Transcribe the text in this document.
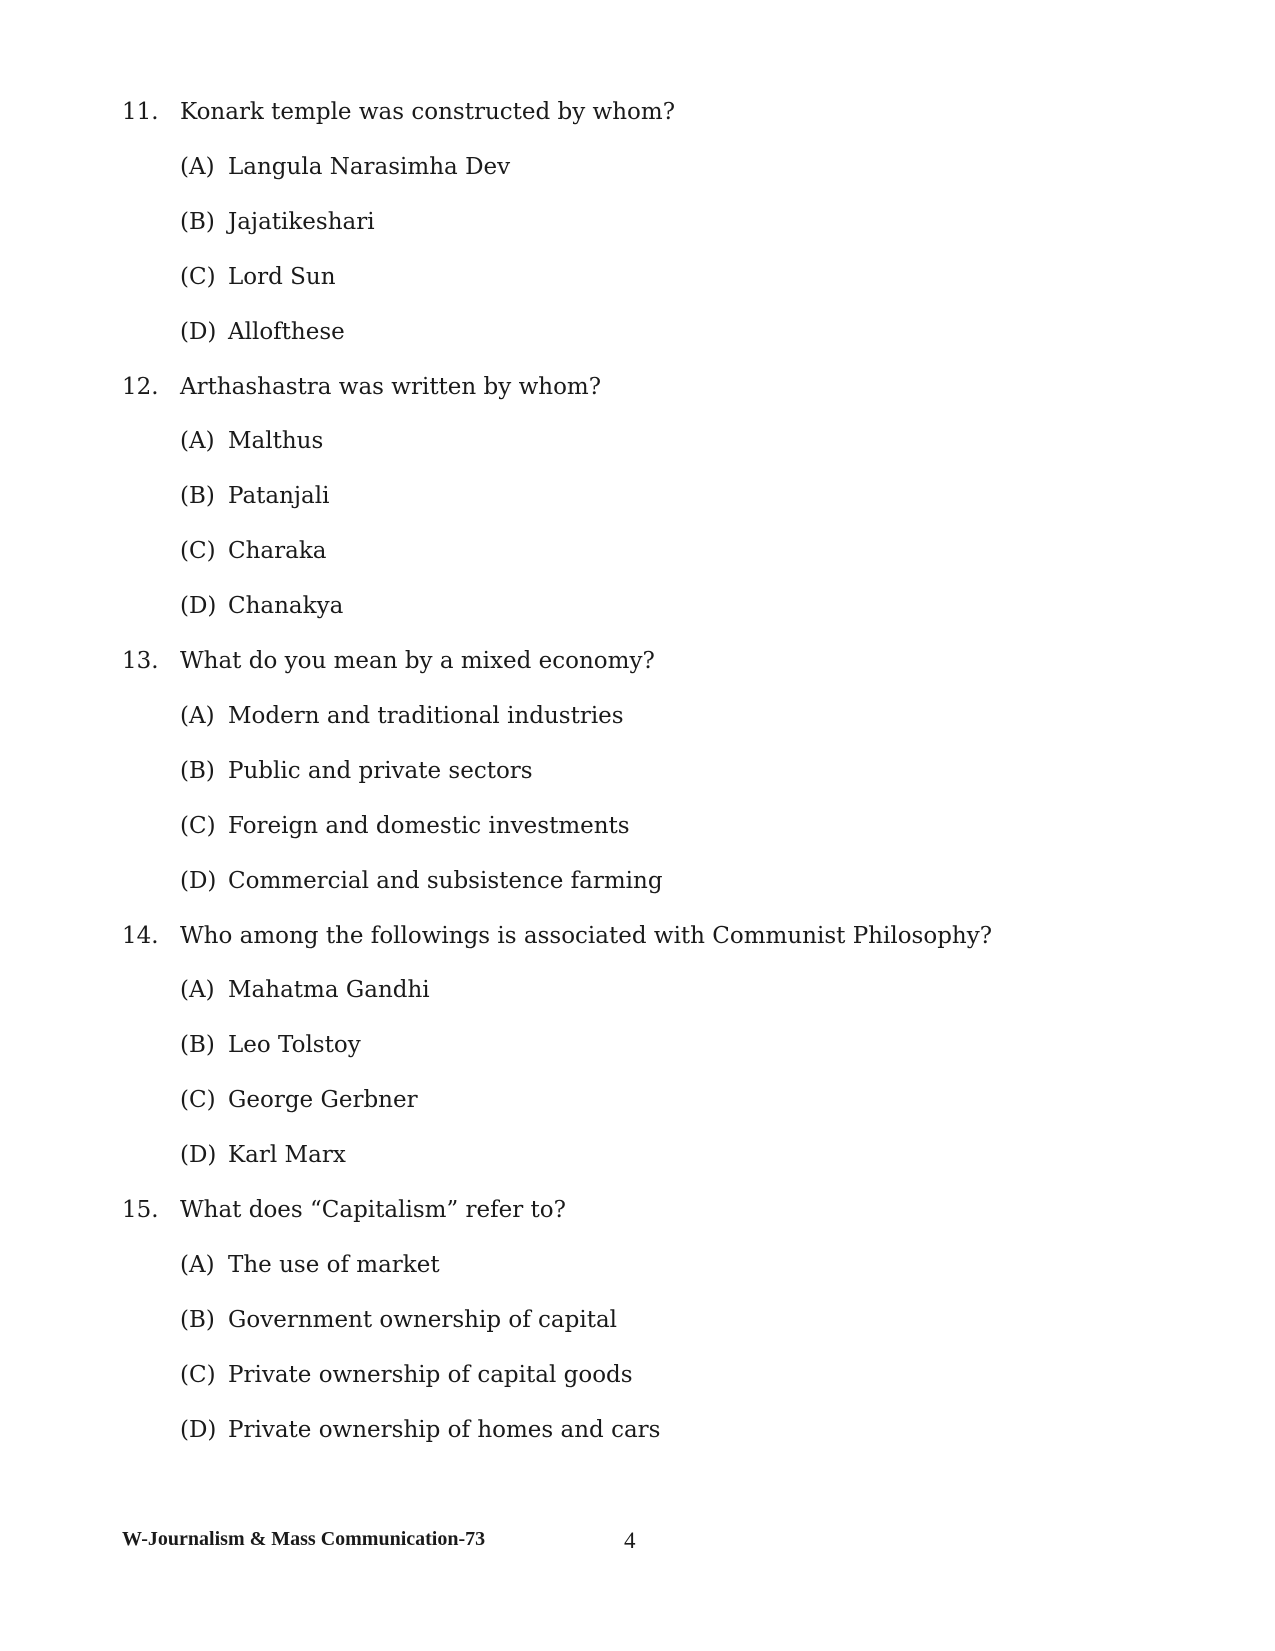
11. Konark temple was constructed by whom?
(A) Langula Narasimha Dev
(B) Jajatikeshari
(C) Lord Sun
(D) Allofthese
12. Arthashastra was written by whom?
(A) Malthus
(B) Patanjali
(C) Charaka
(D) Chanakya
13. What do you mean by a mixed economy?
(A) Modern and traditional industries
(B) Public and private sectors
(C) Foreign and domestic investments
(D) Commercial and subsistence farming
14. Who among the followings is associated with Communist Philosophy?
(A) Mahatma Gandhi
(B) Leo Tolstoy
(C) George Gerbner
(D) Karl Marx
15. What does “Capitalism” refer to?
(A) The use of market
(B) Government ownership of capital
(C) Private ownership of capital goods
(D) Private ownership of homes and cars
W-Journalism & Mass Communication-73	4
